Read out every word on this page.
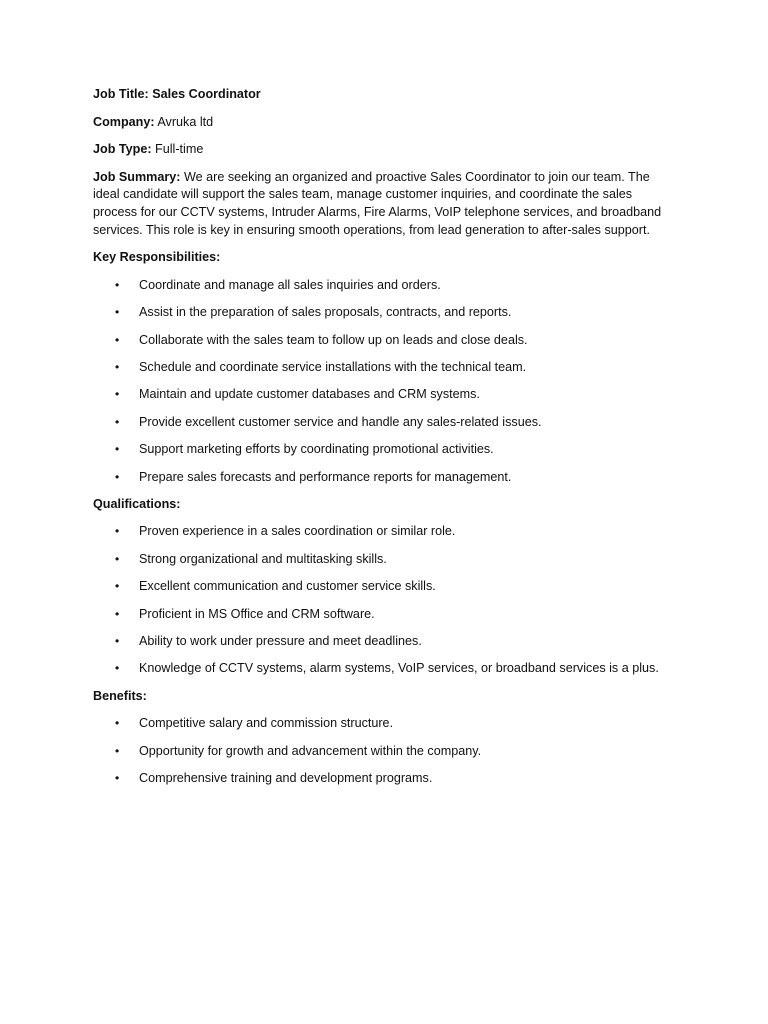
Job Title: Sales Coordinator

Company: Avruka ltd

Job Type: Full-time

Job Summary: We are seeking an organized and proactive Sales Coordinator to join our team. The ideal candidate will support the sales team, manage customer inquiries, and coordinate the sales process for our CCTV systems, Intruder Alarms, Fire Alarms, VoIP telephone services, and broadband services. This role is key in ensuring smooth operations, from lead generation to after-sales support.

Key Responsibilities:

• Coordinate and manage all sales inquiries and orders.
• Assist in the preparation of sales proposals, contracts, and reports.
• Collaborate with the sales team to follow up on leads and close deals.
• Schedule and coordinate service installations with the technical team.
• Maintain and update customer databases and CRM systems.
• Provide excellent customer service and handle any sales-related issues.
• Support marketing efforts by coordinating promotional activities.
• Prepare sales forecasts and performance reports for management.

Qualifications:

• Proven experience in a sales coordination or similar role.
• Strong organizational and multitasking skills.
• Excellent communication and customer service skills.
• Proficient in MS Office and CRM software.
• Ability to work under pressure and meet deadlines.
• Knowledge of CCTV systems, alarm systems, VoIP services, or broadband services is a plus.

Benefits:

• Competitive salary and commission structure.
• Opportunity for growth and advancement within the company.
• Comprehensive training and development programs.
